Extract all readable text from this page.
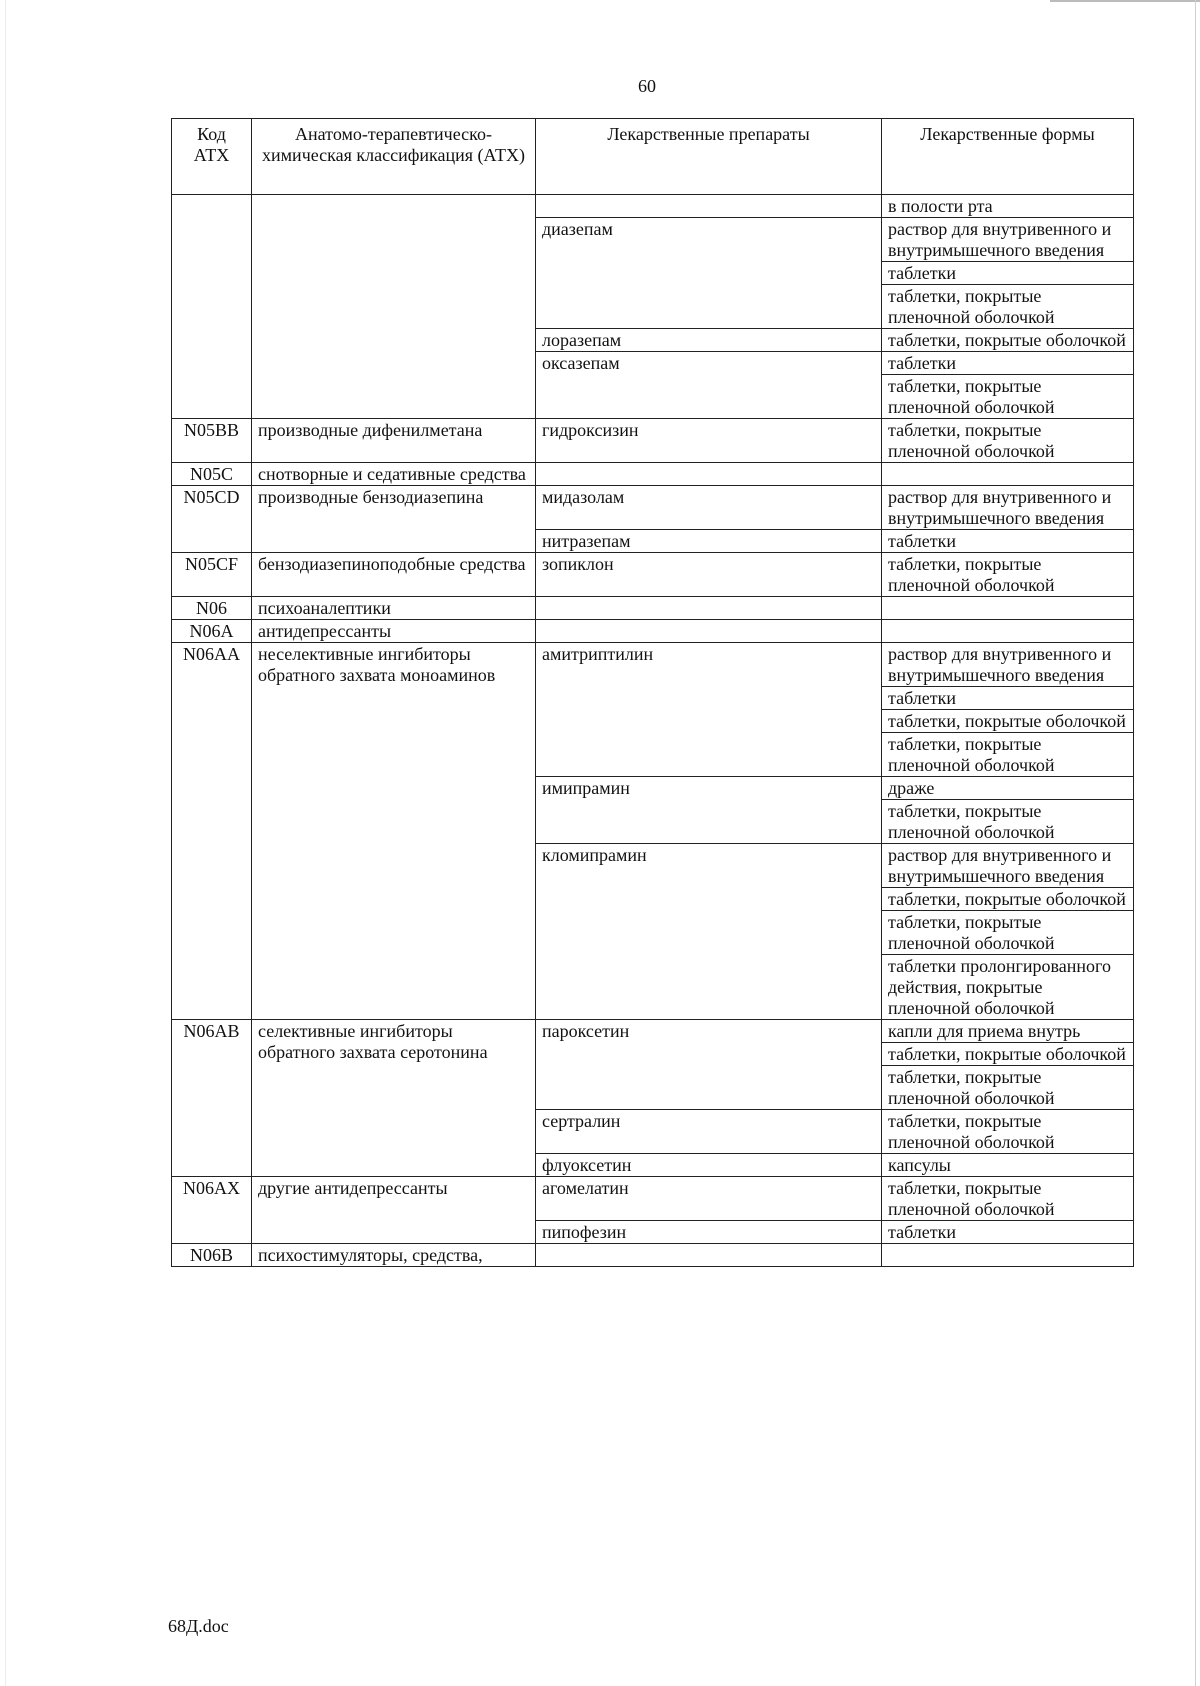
60
Код АТХ	Анатомо-терапевтическо-химическая классификация (АТХ)	Лекарственные препараты	Лекарственные формы
			в полости рта
		диазепам	раствор для внутривенного и внутримышечного введения
			таблетки
			таблетки, покрытые пленочной оболочкой
		лоразепам	таблетки, покрытые оболочкой
		оксазепам	таблетки
			таблетки, покрытые пленочной оболочкой
N05BB	производные дифенилметана	гидроксизин	таблетки, покрытые пленочной оболочкой
N05C	снотворные и седативные средства		
N05CD	производные бензодиазепина	мидазолам	раствор для внутривенного и внутримышечного введения
		нитразепам	таблетки
N05CF	бензодиазепиноподобные средства	зопиклон	таблетки, покрытые пленочной оболочкой
N06	психоаналептики		
N06A	антидепрессанты		
N06AA	неселективные ингибиторы обратного захвата моноаминов	амитриптилин	раствор для внутривенного и внутримышечного введения
			таблетки
			таблетки, покрытые оболочкой
			таблетки, покрытые пленочной оболочкой
		имипрамин	драже
			таблетки, покрытые пленочной оболочкой
		кломипрамин	раствор для внутривенного и внутримышечного введения
			таблетки, покрытые оболочкой
			таблетки, покрытые пленочной оболочкой
			таблетки пролонгированного действия, покрытые пленочной оболочкой
N06AB	селективные ингибиторы обратного захвата серотонина	пароксетин	капли для приема внутрь
			таблетки, покрытые оболочкой
			таблетки, покрытые пленочной оболочкой
		сертралин	таблетки, покрытые пленочной оболочкой
		флуоксетин	капсулы
N06AX	другие антидепрессанты	агомелатин	таблетки, покрытые пленочной оболочкой
		пипофезин	таблетки
N06B	психостимуляторы, средства,		
68Д.doc
